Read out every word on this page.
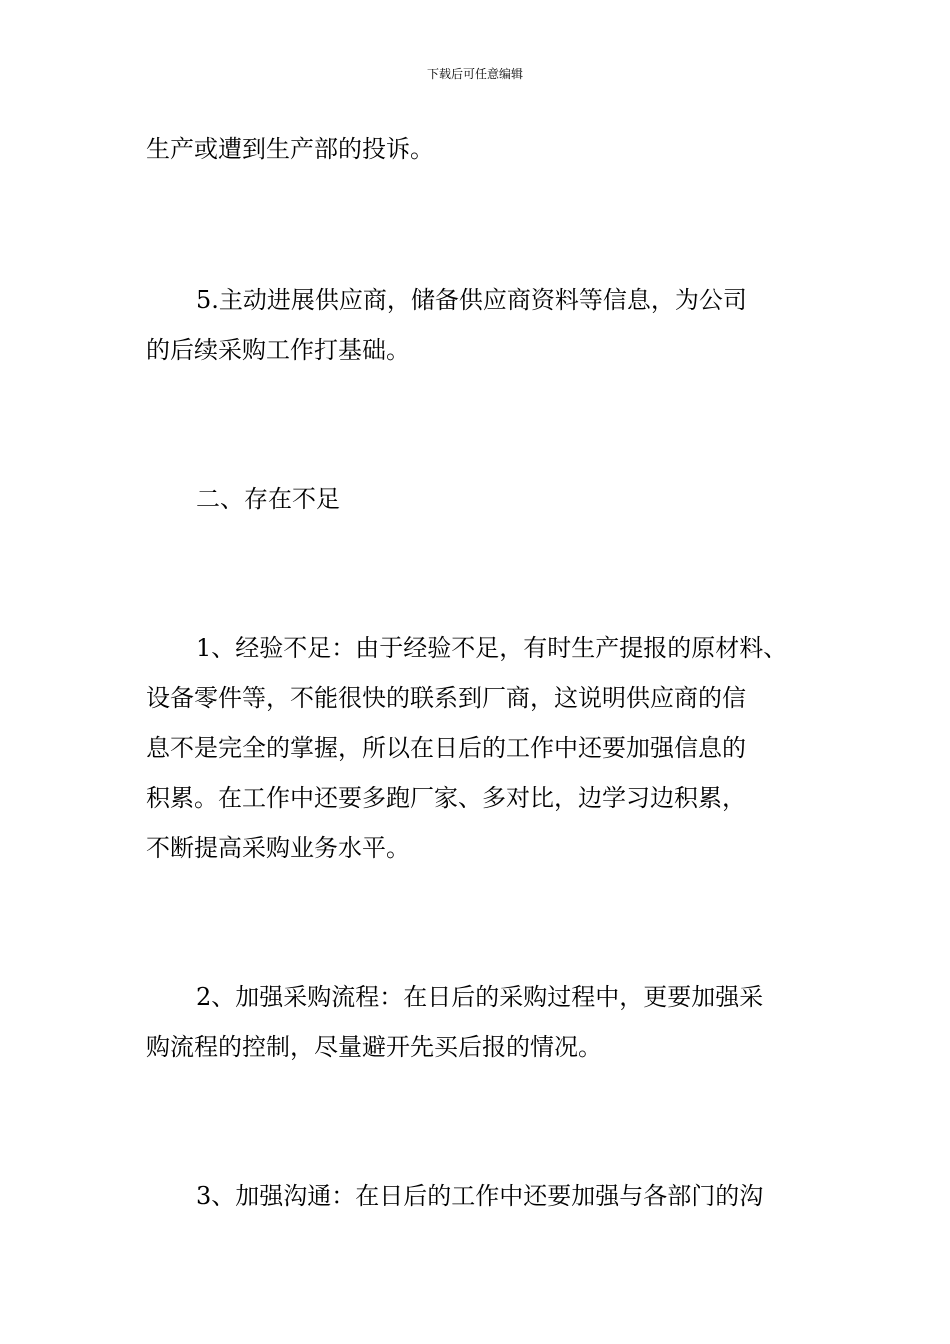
下载后可任意编辑
生产或遭到生产部的投诉。
5.主动进展供应商，储备供应商资料等信息，为公司
的后续采购工作打基础。
二、存在不足
1、经验不足：由于经验不足，有时生产提报的原材料、
设备零件等，不能很快的联系到厂商，这说明供应商的信
息不是完全的掌握，所以在日后的工作中还要加强信息的
积累。在工作中还要多跑厂家、多对比，边学习边积累，
不断提高采购业务水平。
2、加强采购流程：在日后的采购过程中，更要加强采
购流程的控制，尽量避开先买后报的情况。
3、加强沟通：在日后的工作中还要加强与各部门的沟
